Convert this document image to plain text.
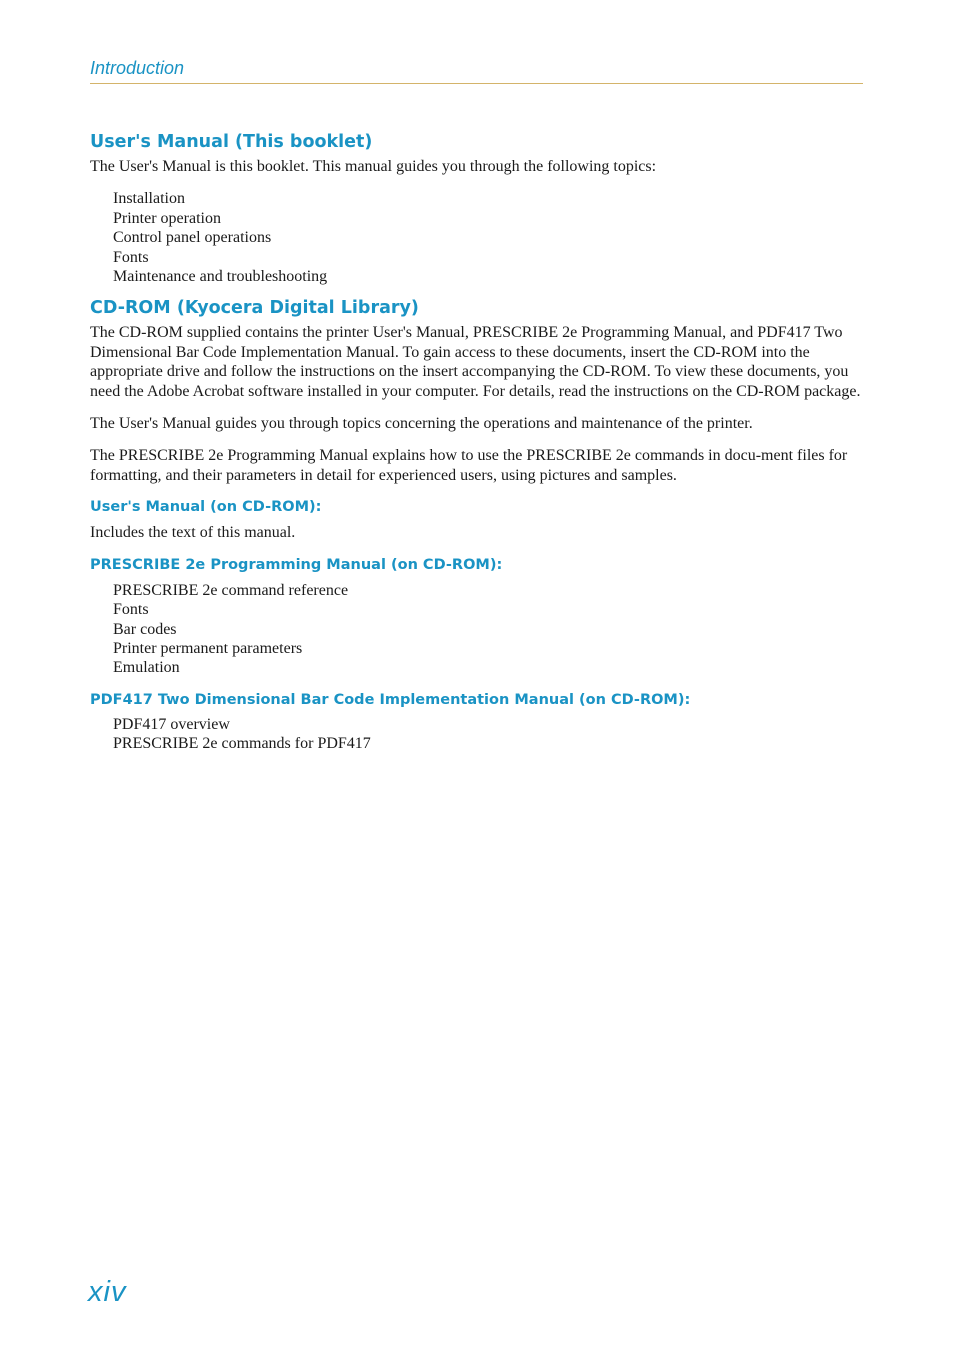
Introduction
User's Manual (This booklet)

The User's Manual is this booklet. This manual guides you through the following topics:

Installation
Printer operation
Control panel operations
Fonts
Maintenance and troubleshooting
CD-ROM (Kyocera Digital Library)

The CD-ROM supplied contains the printer User's Manual, PRESCRIBE 2e Programming Manual, and PDF417 Two Dimensional Bar Code Implementation Manual. To gain access to these documents, insert the CD-ROM into the appropriate drive and follow the instructions on the insert accompanying the CD-ROM. To view these documents, you need the Adobe Acrobat software installed in your computer. For details, read the instructions on the CD-ROM package.

The User's Manual guides you through topics concerning the operations and maintenance of the printer.

The PRESCRIBE 2e Programming Manual explains how to use the PRESCRIBE 2e commands in docu-ment files for formatting, and their parameters in detail for experienced users, using pictures and samples.

User's Manual (on CD-ROM):

Includes the text of this manual.

PRESCRIBE 2e Programming Manual (on CD-ROM):
PRESCRIBE 2e command reference
Fonts
Bar codes
Printer permanent parameters
Emulation
PDF417 Two Dimensional Bar Code Implementation Manual (on CD-ROM):
PDF417 overview
PRESCRIBE 2e commands for PDF417
xiv
